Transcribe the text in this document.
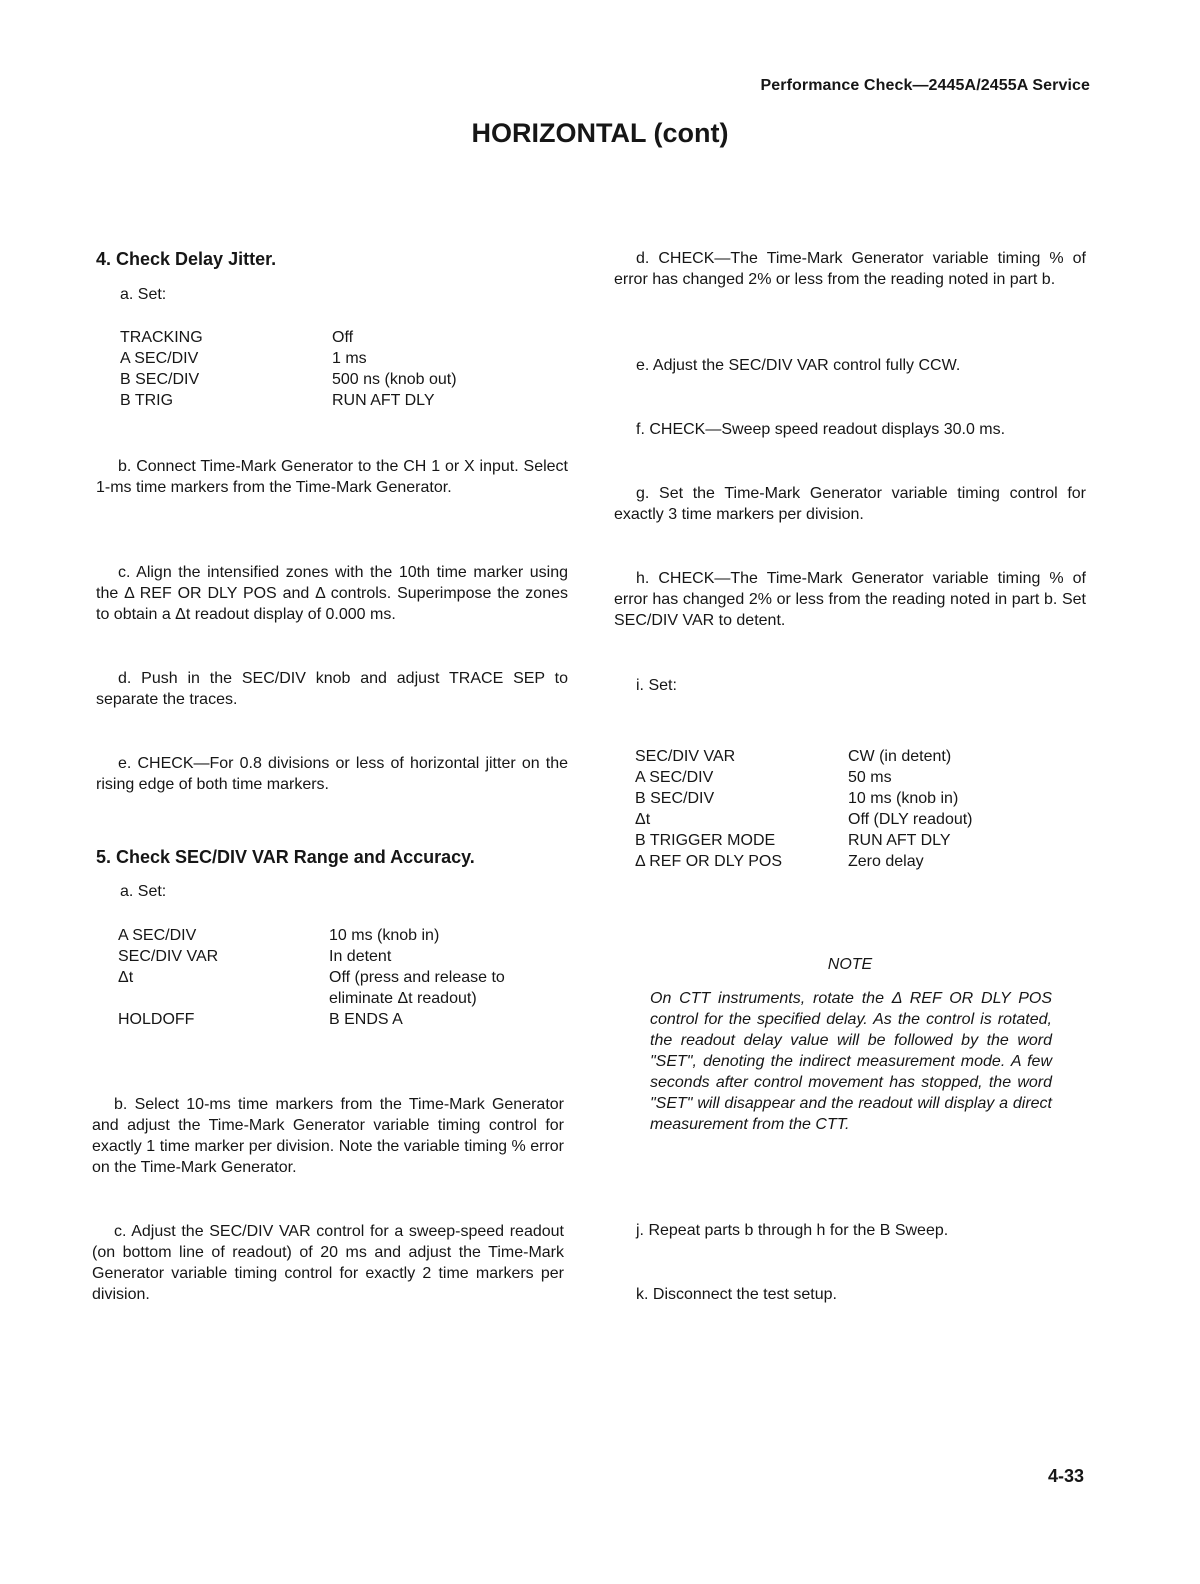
Performance Check—2445A/2455A Service
HORIZONTAL (cont)

4. Check Delay Jitter.

a. Set:

TRACKING	Off
A SEC/DIV	1 ms
B SEC/DIV	500 ns (knob out)
B TRIG	RUN AFT DLY

b. Connect Time-Mark Generator to the CH 1 or X input. Select 1-ms time markers from the Time-Mark Generator.

c. Align the intensified zones with the 10th time marker using the Δ REF OR DLY POS and Δ controls. Superimpose the zones to obtain a Δt readout display of 0.000 ms.

d. Push in the SEC/DIV knob and adjust TRACE SEP to separate the traces.

e. CHECK—For 0.8 divisions or less of horizontal jitter on the rising edge of both time markers.

5. Check SEC/DIV VAR Range and Accuracy.

a. Set:

A SEC/DIV	10 ms (knob in)
SEC/DIV VAR	In detent
Δt	Off (press and release to eliminate Δt readout)
HOLDOFF	B ENDS A

b. Select 10-ms time markers from the Time-Mark Generator and adjust the Time-Mark Generator variable timing control for exactly 1 time marker per division. Note the variable timing % error on the Time-Mark Generator.

c. Adjust the SEC/DIV VAR control for a sweep-speed readout (on bottom line of readout) of 20 ms and adjust the Time-Mark Generator variable timing control for exactly 2 time markers per division.

d. CHECK—The Time-Mark Generator variable timing % of error has changed 2% or less from the reading noted in part b.

e. Adjust the SEC/DIV VAR control fully CCW.

f. CHECK—Sweep speed readout displays 30.0 ms.

g. Set the Time-Mark Generator variable timing control for exactly 3 time markers per division.

h. CHECK—The Time-Mark Generator variable timing % of error has changed 2% or less from the reading noted in part b. Set SEC/DIV VAR to detent.

i. Set:

SEC/DIV VAR	CW (in detent)
A SEC/DIV	50 ms
B SEC/DIV	10 ms (knob in)
Δt	Off (DLY readout)
B TRIGGER MODE	RUN AFT DLY
Δ REF OR DLY POS	Zero delay

NOTE

On CTT instruments, rotate the Δ REF OR DLY POS control for the specified delay. As the control is rotated, the readout delay value will be followed by the word "SET", denoting the indirect measurement mode. A few seconds after control movement has stopped, the word "SET" will disappear and the readout will display a direct measurement from the CTT.

j. Repeat parts b through h for the B Sweep.

k. Disconnect the test setup.

4-33
